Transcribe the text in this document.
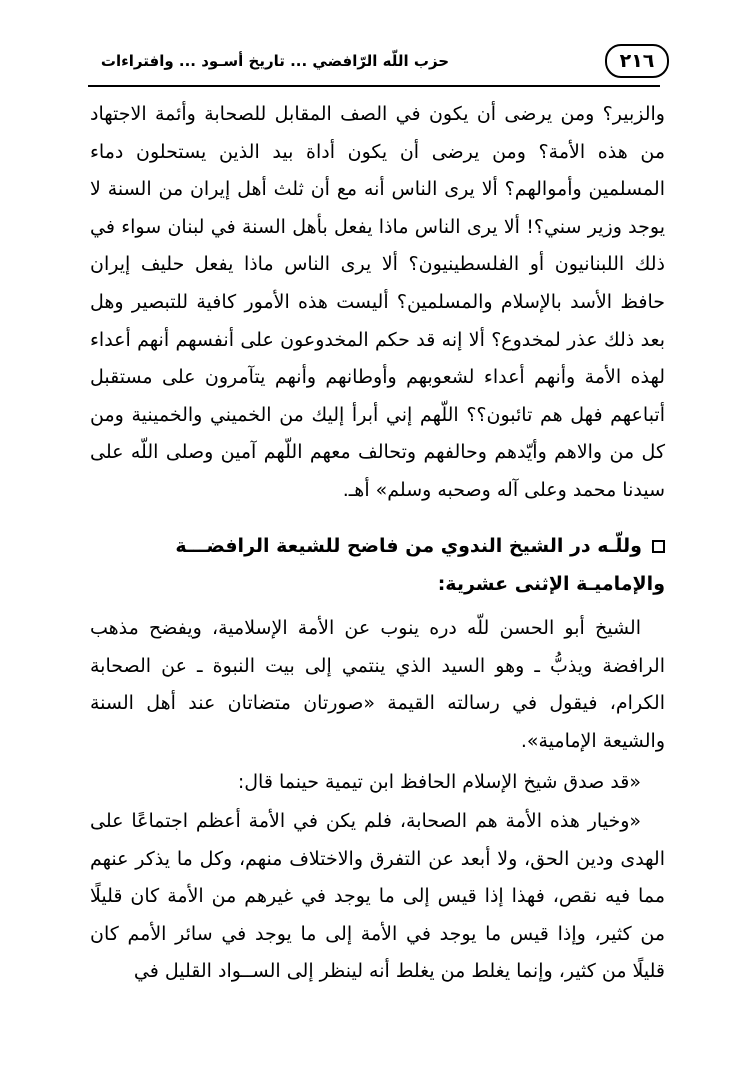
٢١٦
حزب اللّه الرّافضي ... تاريخ أسـود ... وافتراءات

والزبير؟ ومن يرضى أن يكون في الصف المقابل للصحابة وأئمة الاجتهاد من هذه الأمة؟ ومن يرضى أن يكون أداة بيد الذين يستحلون دماء المسلمين وأموالهم؟ ألا يرى الناس أنه مع أن ثلث أهل إيران من السنة لا يوجد وزير سني؟! ألا يرى الناس ماذا يفعل بأهل السنة في لبنان سواء في ذلك اللبنانيون أو الفلسطينيون؟ ألا يرى الناس ماذا يفعل حليف إيران حافظ الأسد بالإسلام والمسلمين؟ أليست هذه الأمور كافية للتبصير وهل بعد ذلك عذر لمخدوع؟ ألا إنه قد حكم المخدوعون على أنفسهم أنهم أعداء لهذه الأمة وأنهم أعداء لشعوبهم وأوطانهم وأنهم يتآمرون على مستقبل أتباعهم فهل هم تائبون؟؟ اللّهم إني أبرأ إليك من الخميني والخمينية ومن كل من والاهم وأيّدهم وحالفهم وتحالف معهم اللّهم آمين وصلى اللّه على سيدنا محمد وعلى آله وصحبه وسلم» أهـ.

وللّـه در الشيخ الندوي من فاضح للشيعة الرافضـــة والإماميـة الإثنى عشرية:

الشيخ أبو الحسن للّه دره ينوب عن الأمة الإسلامية، ويفضح مذهب الرافضة ويذبُّ ـ وهو السيد الذي ينتمي إلى بيت النبوة ـ عن الصحابة الكرام، فيقول في رسالته القيمة «صورتان متضاتان عند أهل السنة والشيعة الإمامية».

«قد صدق شيخ الإسلام الحافظ ابن تيمية حينما قال:

«وخيار هذه الأمة هم الصحابة، فلم يكن في الأمة أعظم اجتماعًا على الهدى ودين الحق، ولا أبعد عن التفرق والاختلاف منهم، وكل ما يذكر عنهم مما فيه نقص، فهذا إذا قيس إلى ما يوجد في غيرهم من الأمة كان قليلًا من كثير، وإذا قيس ما يوجد في الأمة إلى ما يوجد في سائر الأمم كان قليلًا من كثير، وإنما يغلط من يغلط أنه لينظر إلى الســواد القليل في
